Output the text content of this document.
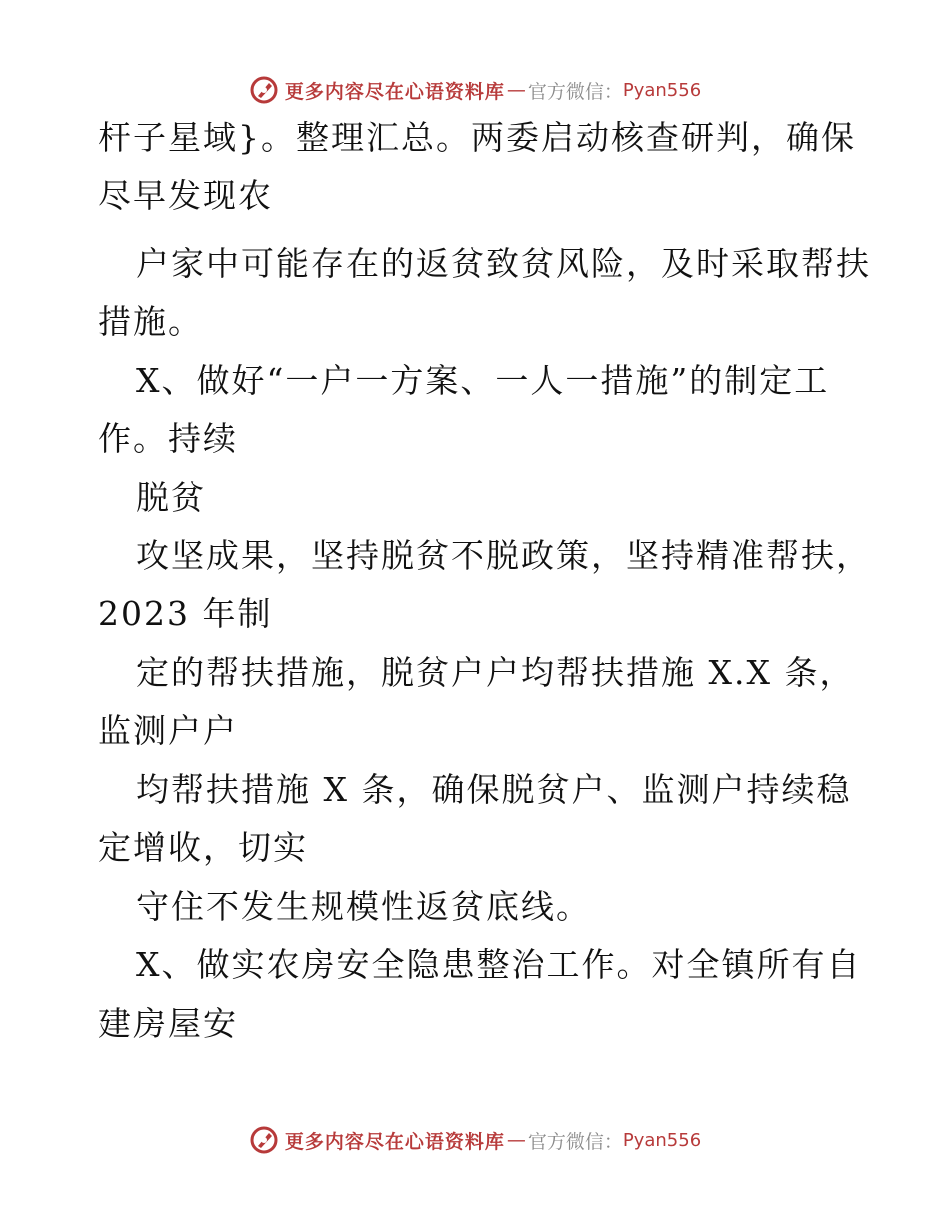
更多内容尽在心语资料库 — 官方微信： Pyan556
杆子星域}。整理汇总。两委启动核查研判，确保
尽早发现农
户家中可能存在的返贫致贫风险，及时采取帮扶
措施。
X、做好“一户一方案、一人一措施”的制定工
作。持续
脱贫
攻坚成果，坚持脱贫不脱政策，坚持精准帮扶，
2023 年制
定的帮扶措施，脱贫户户均帮扶措施 X.X 条，
监测户户
均帮扶措施 X 条，确保脱贫户、监测户持续稳
定增收，切实
守住不发生规模性返贫底线。
X、做实农房安全隐患整治工作。对全镇所有自
建房屋安
更多内容尽在心语资料库 — 官方微信： Pyan556
